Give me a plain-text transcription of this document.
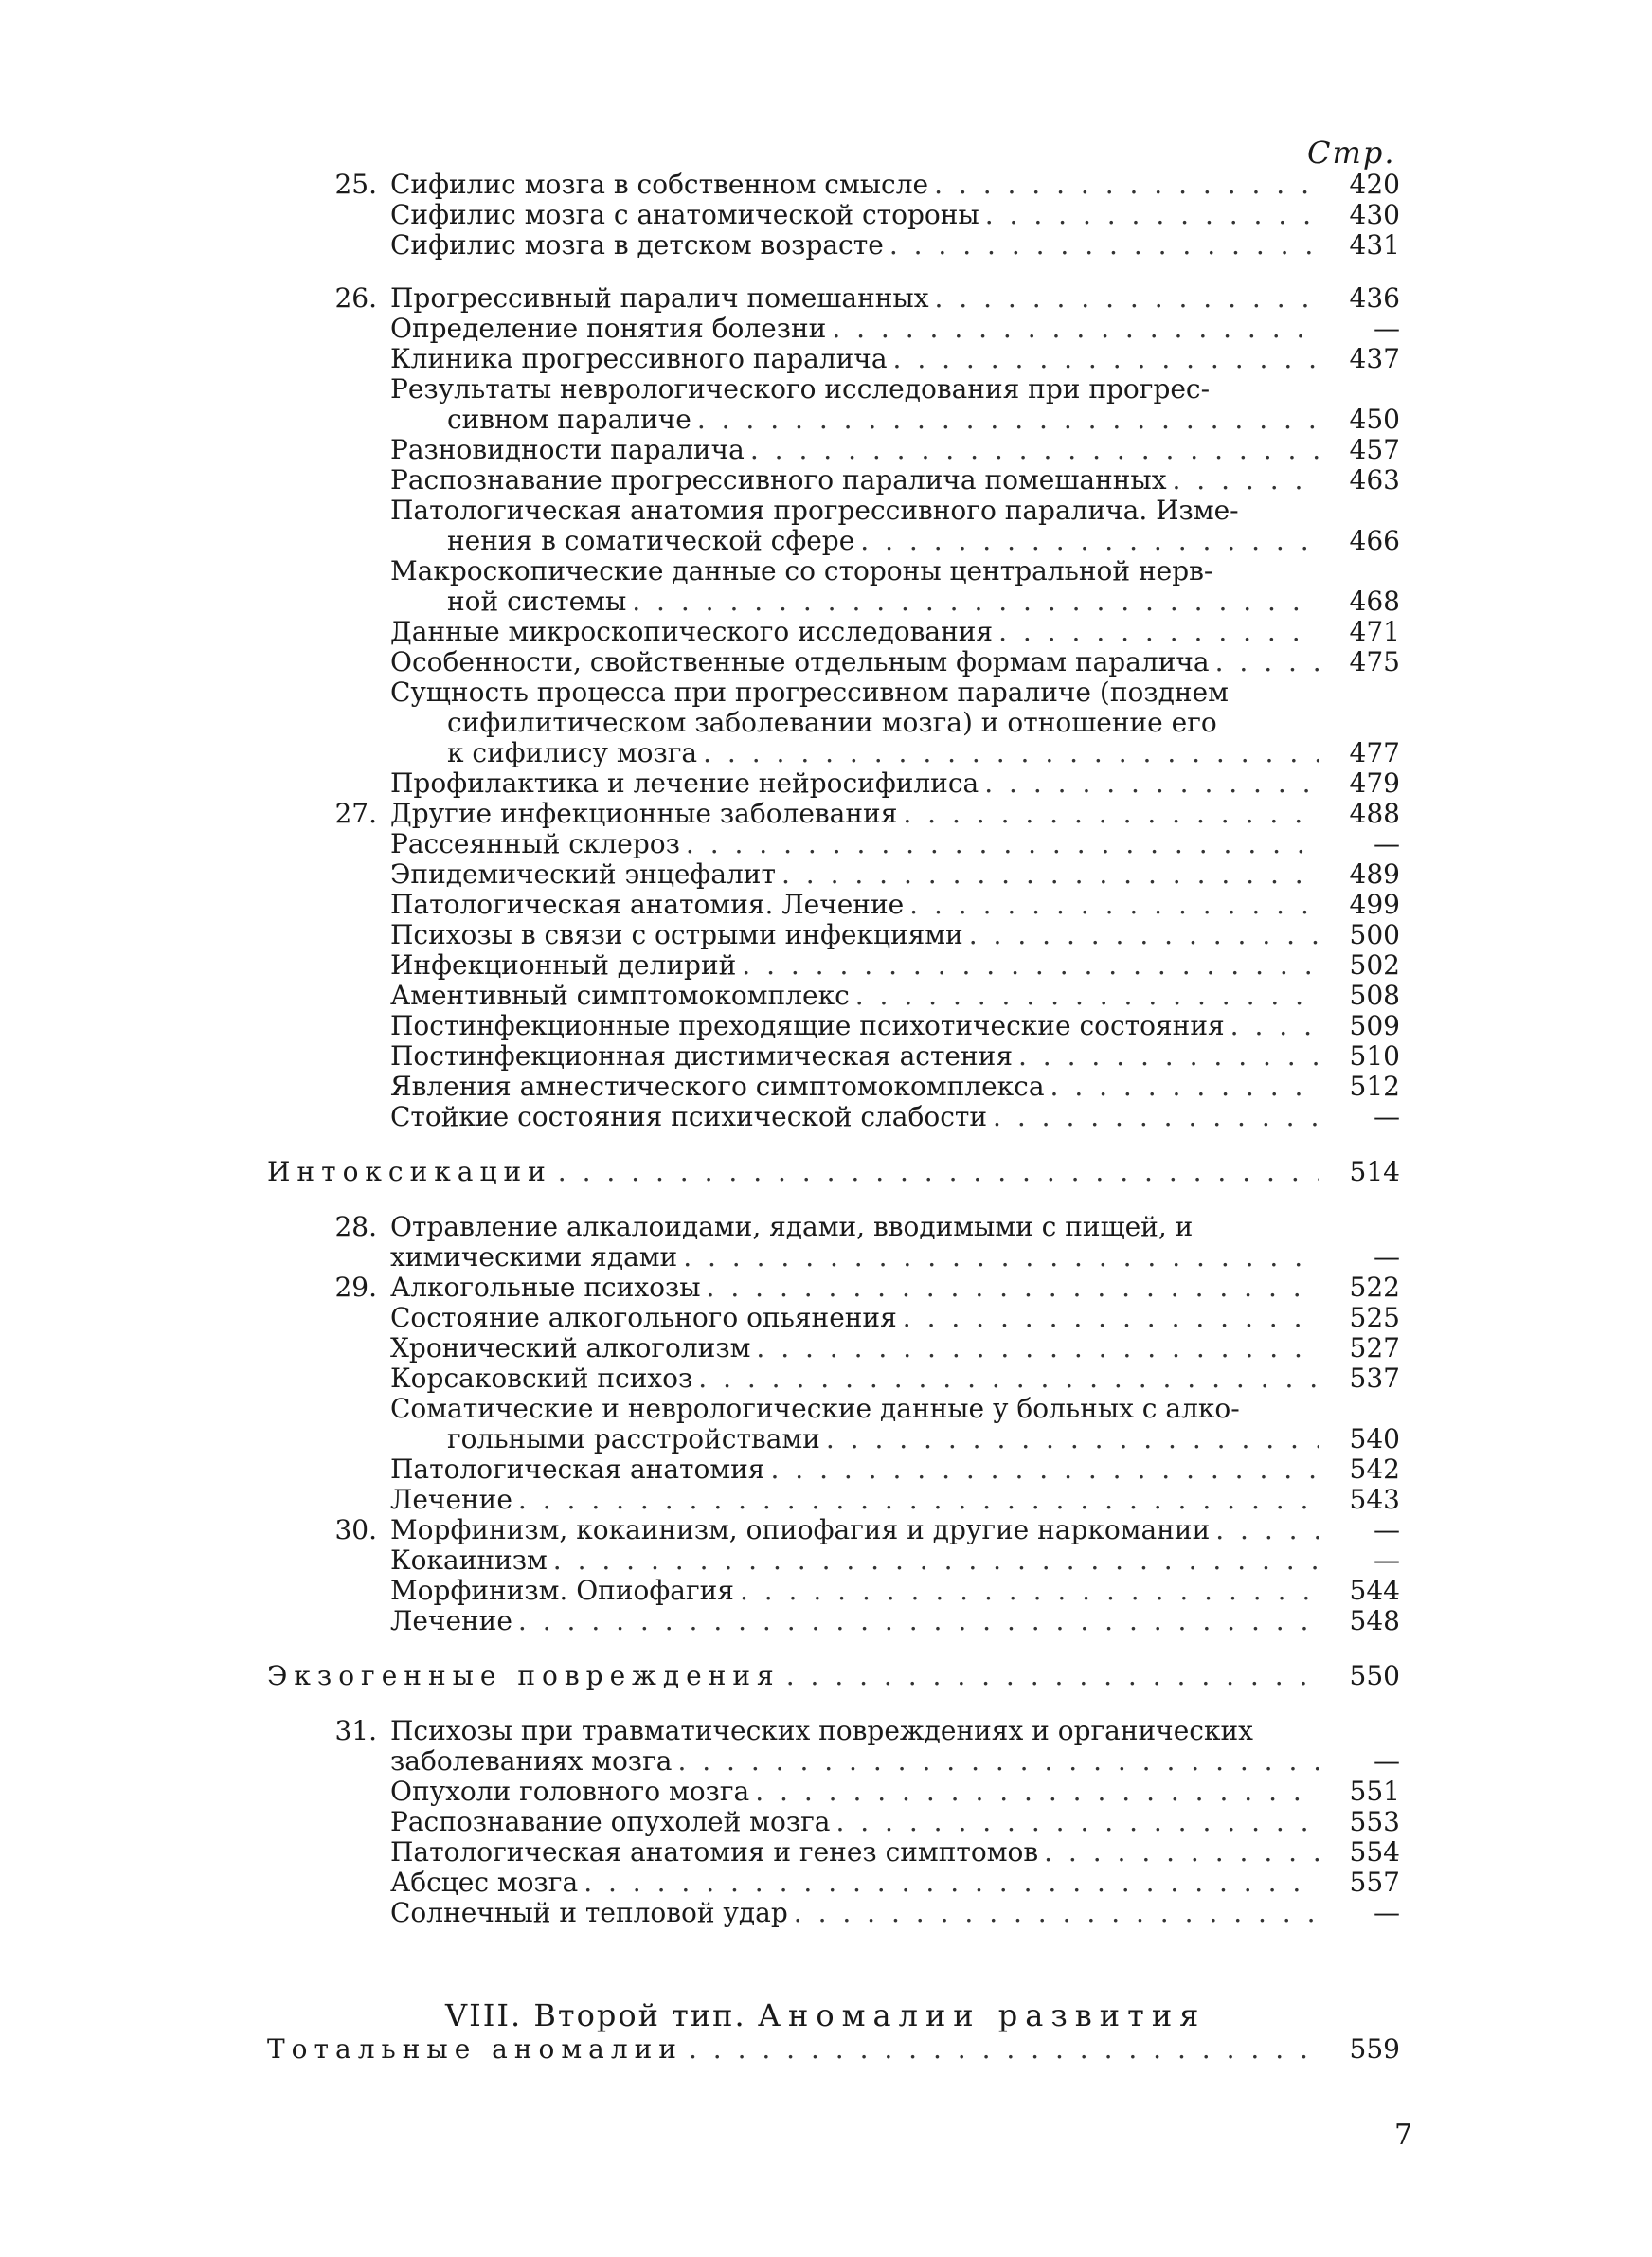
Стр.
25. Сифилис мозга в собственном смысле . . .	420
Сифилис мозга с анатомической стороны . . .	430
Сифилис мозга в детском возрасте . . .	431
26. Прогрессивный паралич помешанных . . .	436
Определение понятия болезни . . .	—
Клиника прогрессивного паралича . . .	437
Результаты неврологического исследования при прогрес-
сивном параличе . . .	450
Разновидности паралича . . .	457
Распознавание прогрессивного паралича помешанных . . .	463
Патологическая анатомия прогрессивного паралича. Изме-
нения в соматической сфере . . .	466
Макроскопические данные со стороны центральной нерв-
ной системы . . .	468
Данные микроскопического исследования . . .	471
Особенности, свойственные отдельным формам паралича . . .	475
Сущность процесса при прогрессивном параличе (позднем
сифилитическом заболевании мозга) и отношение его
к сифилису мозга . . .	477
Профилактика и лечение нейросифилиса . . .	479
27. Другие инфекционные заболевания . . .	488
Рассеянный склероз . . .	—
Эпидемический энцефалит . . .	489
Патологическая анатомия. Лечение . . .	499
Психозы в связи с острыми инфекциями . . .	500
Инфекционный делирий . . .	502
Аментивный симптомокомплекс . . .	508
Постинфекционные преходящие психотические состояния . . .	509
Постинфекционная дистимическая астения . . .	510
Явления амнестического симптомокомплекса . . .	512
Стойкие состояния психической слабости . . .	—
Интоксикации . . .	514
28. Отравление алкалоидами, ядами, вводимыми с пищей, и
химическими ядами . . .	—
29. Алкогольные психозы . . .	522
Состояние алкогольного опьянения . . .	525
Хронический алкоголизм . . .	527
Корсаковский психоз . . .	537
Соматические и неврологические данные у больных с алко-
гольными расстройствами . . .	540
Патологическая анатомия . . .	542
Лечение . . .	543
30. Морфинизм, кокаинизм, опиофагия и другие наркомании . . .	—
Кокаинизм . . .	—
Морфинизм. Опиофагия . . .	544
Лечение . . .	548
Экзогенные повреждения . . .	550
31. Психозы при травматических повреждениях и органических
заболеваниях мозга . . .	—
Опухоли головного мозга . . .	551
Распознавание опухолей мозга . . .	553
Патологическая анатомия и генез симптомов . . .	554
Абсцес мозга . . .	557
Солнечный и тепловой удар . . .	—
Тотальные аномалии . . .	559
VIII. Второй тип. Аномалии развития
7
